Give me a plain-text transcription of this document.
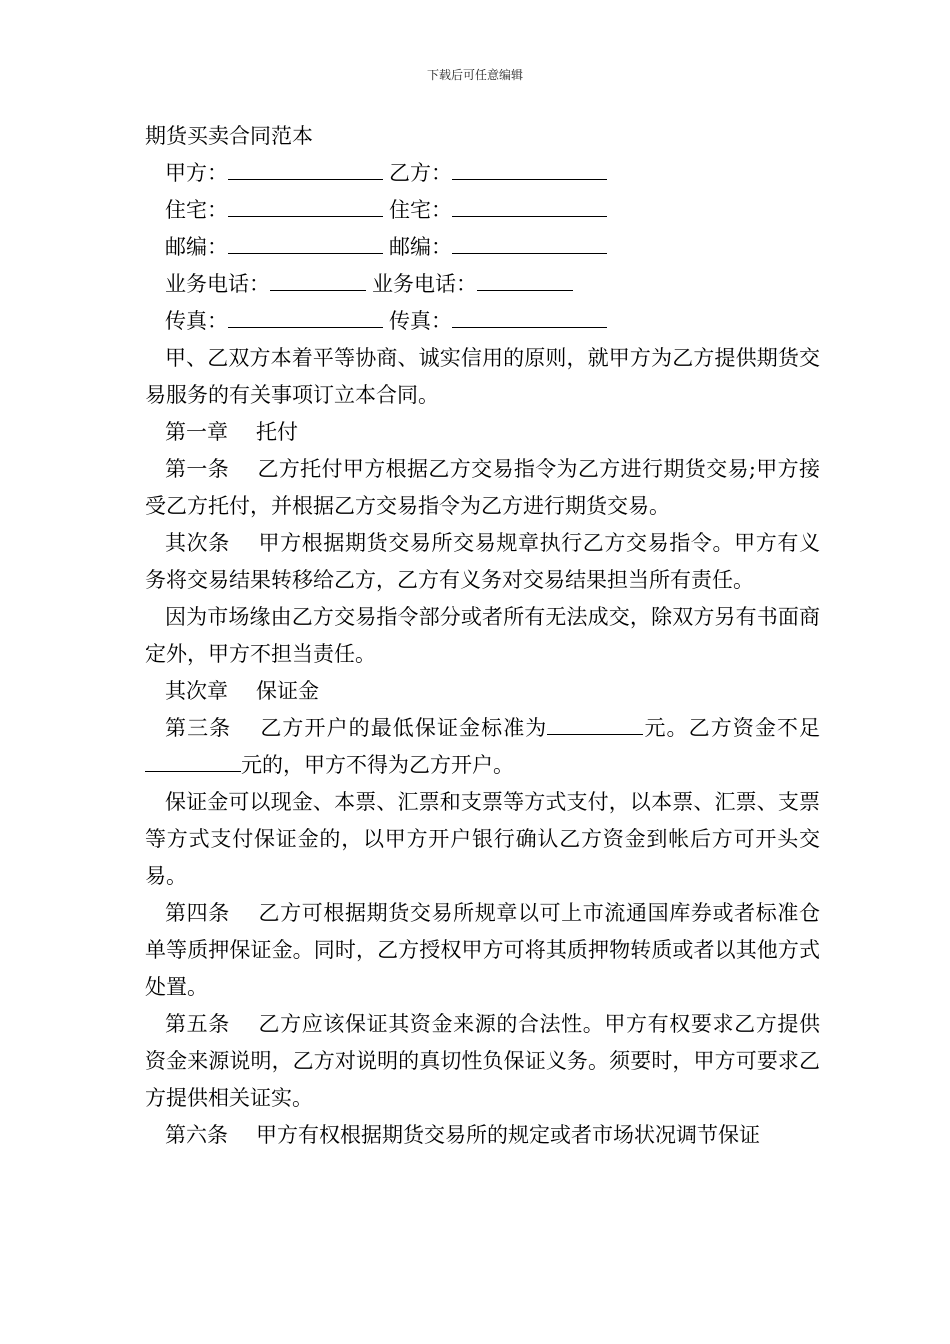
下载后可任意编辑
期货买卖合同范本
甲方：	乙方：
住宅：	住宅：
邮编：	邮编：
业务电话：	业务电话：
传真：	传真：

甲、乙双方本着平等协商、诚实信用的原则，就甲方为乙方提供期货交易服务的有关事项订立本合同。

第一章 托付

第一条 乙方托付甲方根据乙方交易指令为乙方进行期货交易;甲方接受乙方托付，并根据乙方交易指令为乙方进行期货交易。

其次条 甲方根据期货交易所交易规章执行乙方交易指令。甲方有义务将交易结果转移给乙方，乙方有义务对交易结果担当所有责任。

因为市场缘由乙方交易指令部分或者所有无法成交，除双方另有书面商定外，甲方不担当责任。

其次章 保证金

第三条 乙方开户的最低保证金标准为	元。乙方资金不足元的，甲方不得为乙方开户。

保证金可以现金、本票、汇票和支票等方式支付，以本票、汇票、支票等方式支付保证金的，以甲方开户银行确认乙方资金到帐后方可开头交易。

第四条 乙方可根据期货交易所规章以可上市流通国库券或者标准仓单等质押保证金。同时，乙方授权甲方可将其质押物转质或者以其他方式处置。

第五条 乙方应该保证其资金来源的合法性。甲方有权要求乙方提供资金来源说明，乙方对说明的真切性负保证义务。须要时，甲方可要求乙方提供相关证实。

第六条 甲方有权根据期货交易所的规定或者市场状况调节保证
